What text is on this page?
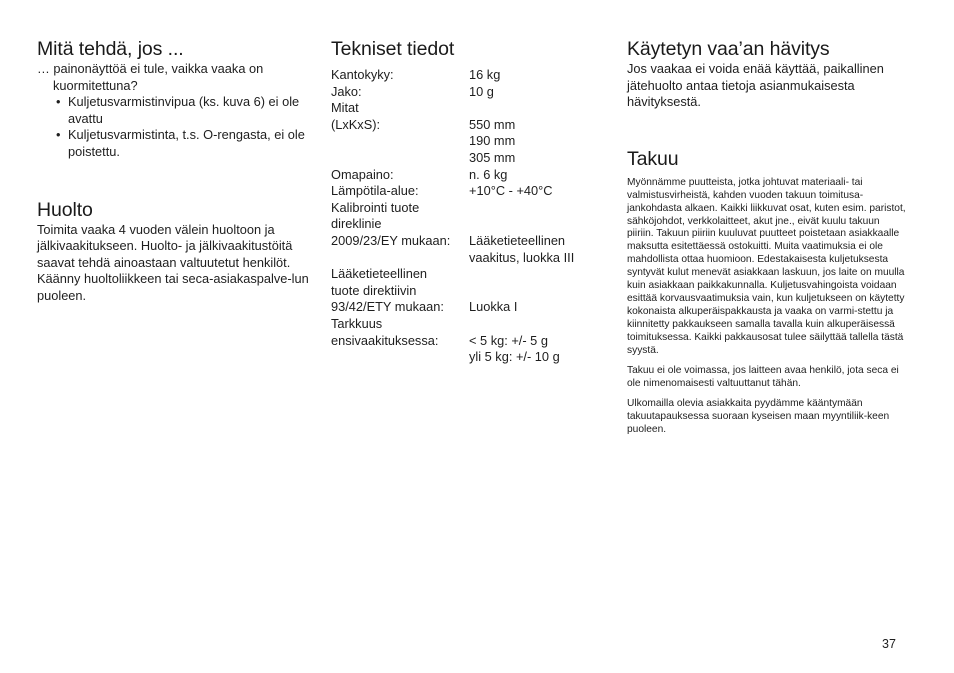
Mitä tehdä, jos ...

… painonäyttöä ei tule, vaikka vaaka on kuormitettuna?

• Kuljetusvarmistinvipua (ks. kuva 6) ei ole avattu
• Kuljetusvarmistinta, t.s. O-rengasta, ei ole poistettu.
Huolto

Toimita vaaka 4 vuoden välein huoltoon ja jälkivaakitukseen. Huolto- ja jälkivaakitustöitä saavat tehdä ainoastaan valtuutetut henkilöt. Käänny huoltoliikkeen tai seca-asiakaspalve-lun puoleen.

Tekniset tiedot
Kantokyky:	16 kg
Jako:	10 g
Mitat
(LxKxS):	550 mm
190 mm
305 mm
Omapaino:	n. 6 kg
Lämpötila-alue:	+10°C - +40°C
Kalibrointi tuote
direklinie
2009/23/EY mukaan:	Lääketieteellinen
vaakitus, luokka III
Lääketieteellinen
tuote direktiivin
93/42/ETY mukaan:	Luokka I
Tarkkuus
ensivaakituksessa:	< 5 kg: +/- 5 g
yli 5 kg: +/- 10 g
Käytetyn vaa’an hävitys

Jos vaakaa ei voida enää käyttää, paikallinen jätehuolto antaa tietoja asianmukaisesta hävityksestä.

Takuu

Myönnämme puutteista, jotka johtuvat materiaali- tai valmistusvirheistä, kahden vuoden takuun toimitusa-jankohdasta alkaen. Kaikki liikkuvat osat, kuten esim. paristot, sähköjohdot, verkkolaitteet, akut jne., eivät kuulu takuun piiriin. Takuun piiriin kuuluvat puutteet poistetaan asiakkaalle maksutta esitettäessä ostokuitti. Muita vaatimuksia ei ole mahdollista ottaa huomioon. Edestakaisesta kuljetuksesta syntyvät kulut menevät asiakkaan laskuun, jos laite on muulla kuin asiakkaan paikkakunnalla. Kuljetusvahingoista voidaan esittää korvausvaatimuksia vain, kun kuljetukseen on käytetty kokonaista alkuperäispakkausta ja vaaka on varmi-stettu ja kiinnitetty pakkaukseen samalla tavalla kuin alkuperäisessä toimituksessa. Kaikki pakkausosat tulee säilyttää tallella tästä syystä.

Takuu ei ole voimassa, jos laitteen avaa henkilö, jota seca ei ole nimenomaisesti valtuuttanut tähän.

Ulkomailla olevia asiakkaita pyydämme kääntymään takuutapauksessa suoraan kyseisen maan myyntiliik-keen puoleen.

37
